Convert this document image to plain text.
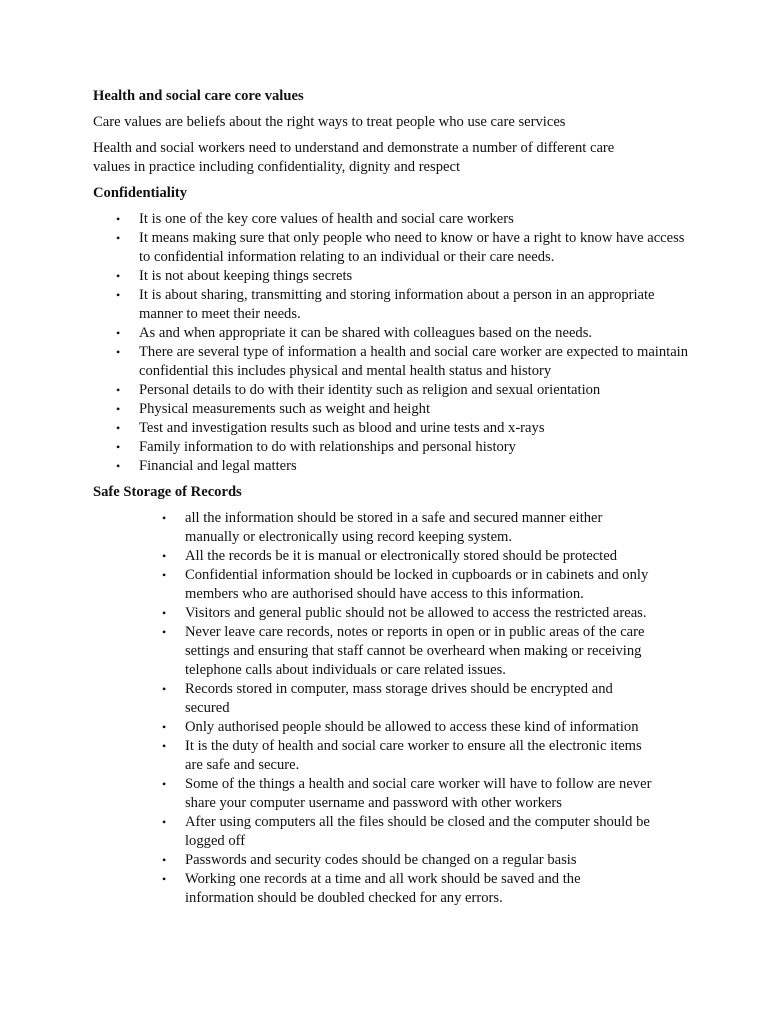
Health and social care core values
Care values are beliefs about the right ways to treat people who use care services
Health and social workers need to understand and demonstrate a number of different care values in practice including confidentiality, dignity and respect
Confidentiality
•	It is one of the key core values of health and social care workers
•	It means making sure that only people who need to know or have a right to know have access to confidential information relating to an individual or their care needs.
•	It is not about keeping things secrets
•	It is about sharing, transmitting and storing information about a person in an appropriate manner to meet their needs.
•	As and when appropriate it can be shared with colleagues based on the needs.
•	There are several type of information a health and social care worker are expected to maintain confidential this includes physical and mental health status and history
•	Personal details to do with their identity such as religion and sexual orientation
•	Physical measurements such as weight and height
•	Test and investigation results such as blood and urine tests and x-rays
•	Family information to do with relationships and personal history
•	Financial and legal matters
Safe Storage of Records
•	all the information should be stored in a safe and secured manner either manually or electronically using record keeping system.
•	All the records be it is manual or electronically stored should be protected
•	Confidential information should be locked in cupboards or in cabinets and only members who are authorised should have access to this information.
•	Visitors and general public should not be allowed to access the restricted areas.
•	Never leave care records, notes or reports in open or in public areas of the care settings and ensuring that staff cannot be overheard when making or receiving telephone calls about individuals or care related issues.
•	Records stored in computer, mass storage drives should be encrypted and secured
•	Only authorised people should be allowed to access these kind of information
•	It is the duty of health and social care worker to ensure all the electronic items are safe and secure.
•	Some of the things a health and social care worker will have to follow are never share your computer username and password with other workers
•	After using computers all the files should be closed and the computer should be logged off
•	Passwords and security codes should be changed on a regular basis
•	Working one records at a time and all work should be saved and the information should be doubled checked for any errors.
